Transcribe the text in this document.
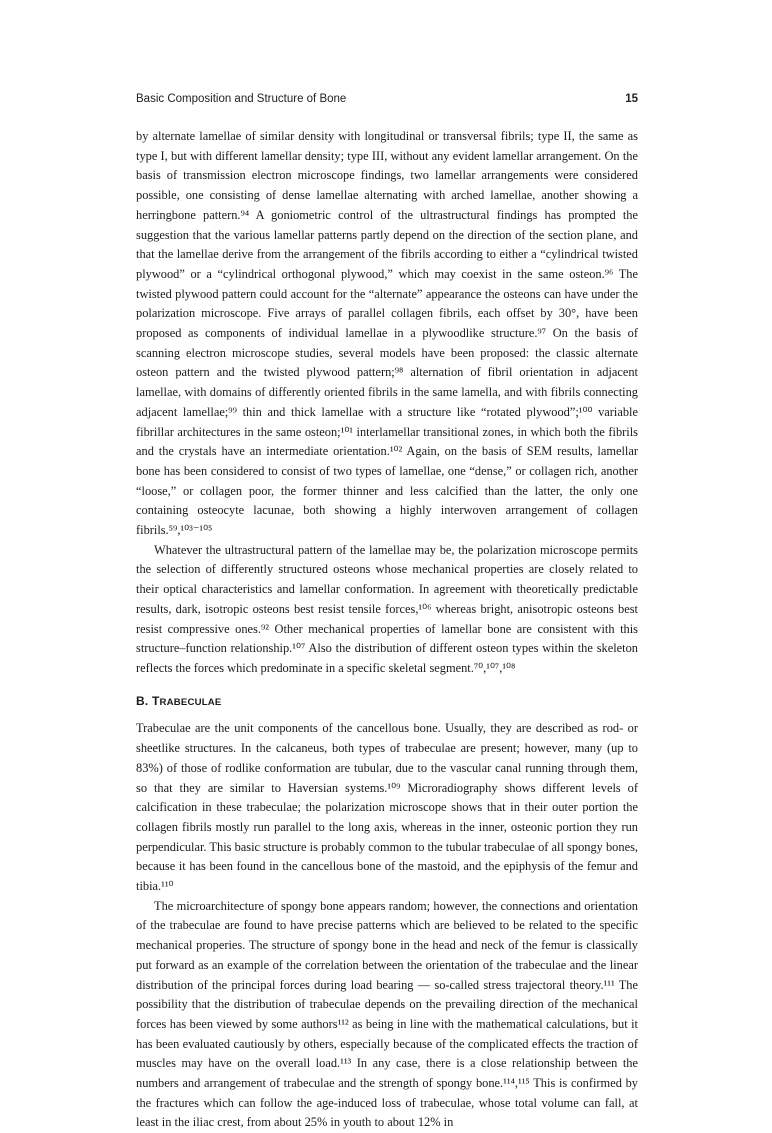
Basic Composition and Structure of Bone	15

by alternate lamellae of similar density with longitudinal or transversal fibrils; type II, the same as type I, but with different lamellar density; type III, without any evident lamellar arrangement. On the basis of transmission electron microscope findings, two lamellar arrangements were considered possible, one consisting of dense lamellae alternating with arched lamellae, another showing a herringbone pattern.⁹⁴ A goniometric control of the ultrastructural findings has prompted the suggestion that the various lamellar patterns partly depend on the direction of the section plane, and that the lamellae derive from the arrangement of the fibrils according to either a “cylindrical twisted plywood” or a “cylindrical orthogonal plywood,” which may coexist in the same osteon.⁹⁶ The twisted plywood pattern could account for the “alternate” appearance the osteons can have under the polarization microscope. Five arrays of parallel collagen fibrils, each offset by 30°, have been proposed as components of individual lamellae in a plywoodlike structure.⁹⁷ On the basis of scanning electron microscope studies, several models have been proposed: the classic alternate osteon pattern and the twisted plywood pattern;⁹⁸ alternation of fibril orientation in adjacent lamellae, with domains of differently oriented fibrils in the same lamella, and with fibrils connecting adjacent lamellae;⁹⁹ thin and thick lamellae with a structure like “rotated plywood”;¹⁰⁰ variable fibrillar architectures in the same osteon;¹⁰¹ interlamellar transitional zones, in which both the fibrils and the crystals have an intermediate orientation.¹⁰² Again, on the basis of SEM results, lamellar bone has been considered to consist of two types of lamellae, one “dense,” or collagen rich, another “loose,” or collagen poor, the former thinner and less calcified than the latter, the only one containing osteocyte lacunae, both showing a highly interwoven arrangement of collagen fibrils.⁵⁹,¹⁰³⁻¹⁰⁵

Whatever the ultrastructural pattern of the lamellae may be, the polarization microscope permits the selection of differently structured osteons whose mechanical properties are closely related to their optical characteristics and lamellar conformation. In agreement with theoretically predictable results, dark, isotropic osteons best resist tensile forces,¹⁰⁶ whereas bright, anisotropic osteons best resist compressive ones.⁹² Other mechanical properties of lamellar bone are consistent with this structure–function relationship.¹⁰⁷ Also the distribution of different osteon types within the skeleton reflects the forces which predominate in a specific skeletal segment.⁷⁰,¹⁰⁷,¹⁰⁸

B. TRABECULAE

Trabeculae are the unit components of the cancellous bone. Usually, they are described as rod- or sheetlike structures. In the calcaneus, both types of trabeculae are present; however, many (up to 83%) of those of rodlike conformation are tubular, due to the vascular canal running through them, so that they are similar to Haversian systems.¹⁰⁹ Microradiography shows different levels of calcification in these trabeculae; the polarization microscope shows that in their outer portion the collagen fibrils mostly run parallel to the long axis, whereas in the inner, osteonic portion they run perpendicular. This basic structure is probably common to the tubular trabeculae of all spongy bones, because it has been found in the cancellous bone of the mastoid, and the epiphysis of the femur and tibia.¹¹⁰

The microarchitecture of spongy bone appears random; however, the connections and orientation of the trabeculae are found to have precise patterns which are believed to be related to the specific mechanical properies. The structure of spongy bone in the head and neck of the femur is classically put forward as an example of the correlation between the orientation of the trabeculae and the linear distribution of the principal forces during load bearing — so-called stress trajectoral theory.¹¹¹ The possibility that the distribution of trabeculae depends on the prevailing direction of the mechanical forces has been viewed by some authors¹¹² as being in line with the mathematical calculations, but it has been evaluated cautiously by others, especially because of the complicated effects the traction of muscles may have on the overall load.¹¹³ In any case, there is a close relationship between the numbers and arrangement of trabeculae and the strength of spongy bone.¹¹⁴,¹¹⁵ This is confirmed by the fractures which can follow the age-induced loss of trabeculae, whose total volume can fall, at least in the iliac crest, from about 25% in youth to about 12% in
